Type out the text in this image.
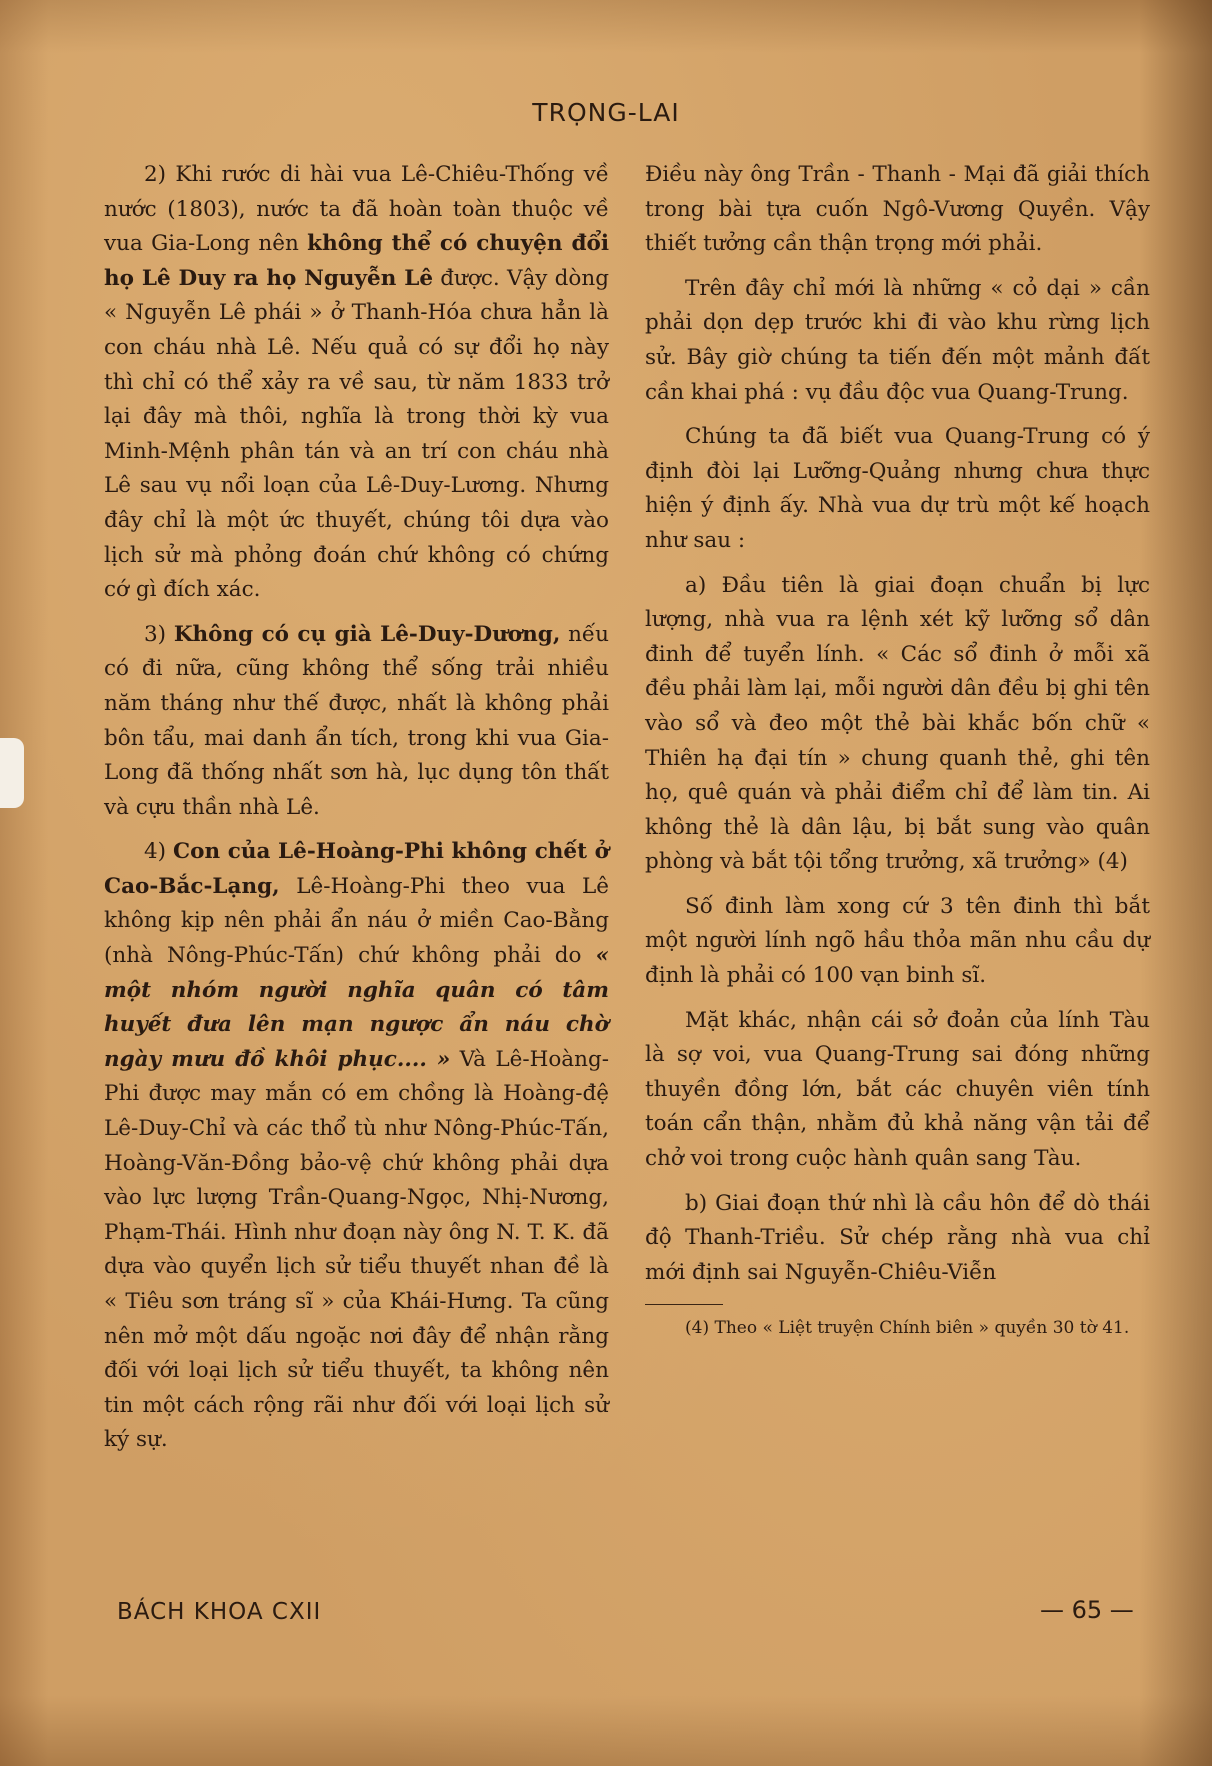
TRỌNG-LAI

2) Khi rước di hài vua Lê-Chiêu-Thống về nước (1803), nước ta đã hoàn toàn thuộc về vua Gia-Long nên không thể có chuyện đổi họ Lê Duy ra họ Nguyễn Lê được. Vậy dòng « Nguyễn Lê phái » ở Thanh-Hóa chưa hẳn là con cháu nhà Lê. Nếu quả có sự đổi họ này thì chỉ có thể xảy ra về sau, từ năm 1833 trở lại đây mà thôi, nghĩa là trong thời kỳ vua Minh-Mệnh phân tán và an trí con cháu nhà Lê sau vụ nổi loạn của Lê-Duy-Lương. Nhưng đây chỉ là một ức thuyết, chúng tôi dựa vào lịch sử mà phỏng đoán chứ không có chứng cớ gì đích xác.

3) Không có cụ già Lê-Duy-Dương, nếu có đi nữa, cũng không thể sống trải nhiều năm tháng như thế được, nhất là không phải bôn tẩu, mai danh ẩn tích, trong khi vua Gia-Long đã thống nhất sơn hà, lục dụng tôn thất và cựu thần nhà Lê.

4) Con của Lê-Hoàng-Phi không chết ở Cao-Bắc-Lạng, Lê-Hoàng-Phi theo vua Lê không kịp nên phải ẩn náu ở miền Cao-Bằng (nhà Nông-Phúc-Tấn) chứ không phải do « một nhóm người nghĩa quân có tâm huyết đưa lên mạn ngược ẩn náu chờ ngày mưu đồ khôi phục.... » Và Lê-Hoàng-Phi được may mắn có em chồng là Hoàng-đệ Lê-Duy-Chỉ và các thổ tù như Nông-Phúc-Tấn, Hoàng-Văn-Đồng bảo-vệ chứ không phải dựa vào lực lượng Trần-Quang-Ngọc, Nhị-Nương, Phạm-Thái. Hình như đoạn này ông N. T. K. đã dựa vào quyển lịch sử tiểu thuyết nhan đề là « Tiêu sơn tráng sĩ » của Khái-Hưng. Ta cũng nên mở một dấu ngoặc nơi đây để nhận rằng đối với loại lịch sử tiểu thuyết, ta không nên tin một cách rộng rãi như đối với loại lịch sử ký sự.

Điều này ông Trần - Thanh - Mại đã giải thích trong bài tựa cuốn Ngô-Vương Quyền. Vậy thiết tưởng cần thận trọng mới phải.

Trên đây chỉ mới là những « cỏ dại » cần phải dọn dẹp trước khi đi vào khu rừng lịch sử. Bây giờ chúng ta tiến đến một mảnh đất cần khai phá : vụ đầu độc vua Quang-Trung.

Chúng ta đã biết vua Quang-Trung có ý định đòi lại Lưỡng-Quảng nhưng chưa thực hiện ý định ấy. Nhà vua dự trù một kế hoạch như sau :

a) Đầu tiên là giai đoạn chuẩn bị lực lượng, nhà vua ra lệnh xét kỹ lưỡng sổ dân đinh để tuyển lính. « Các sổ đinh ở mỗi xã đều phải làm lại, mỗi người dân đều bị ghi tên vào sổ và đeo một thẻ bài khắc bốn chữ « Thiên hạ đại tín » chung quanh thẻ, ghi tên họ, quê quán và phải điểm chỉ để làm tin. Ai không thẻ là dân lậu, bị bắt sung vào quân phòng và bắt tội tổng trưởng, xã trưởng» (4)

Số đinh làm xong cứ 3 tên đinh thì bắt một người lính ngõ hầu thỏa mãn nhu cầu dự định là phải có 100 vạn binh sĩ.

Mặt khác, nhận cái sở đoản của lính Tàu là sợ voi, vua Quang-Trung sai đóng những thuyền đồng lớn, bắt các chuyên viên tính toán cẩn thận, nhằm đủ khả năng vận tải để chở voi trong cuộc hành quân sang Tàu.

b) Giai đoạn thứ nhì là cầu hôn để dò thái độ Thanh-Triều. Sử chép rằng nhà vua chỉ mới định sai Nguyễn-Chiêu-Viễn

(4) Theo « Liệt truyện Chính biên » quyền 30 tờ 41.

BÁCH KHOA CXII	— 65 —
